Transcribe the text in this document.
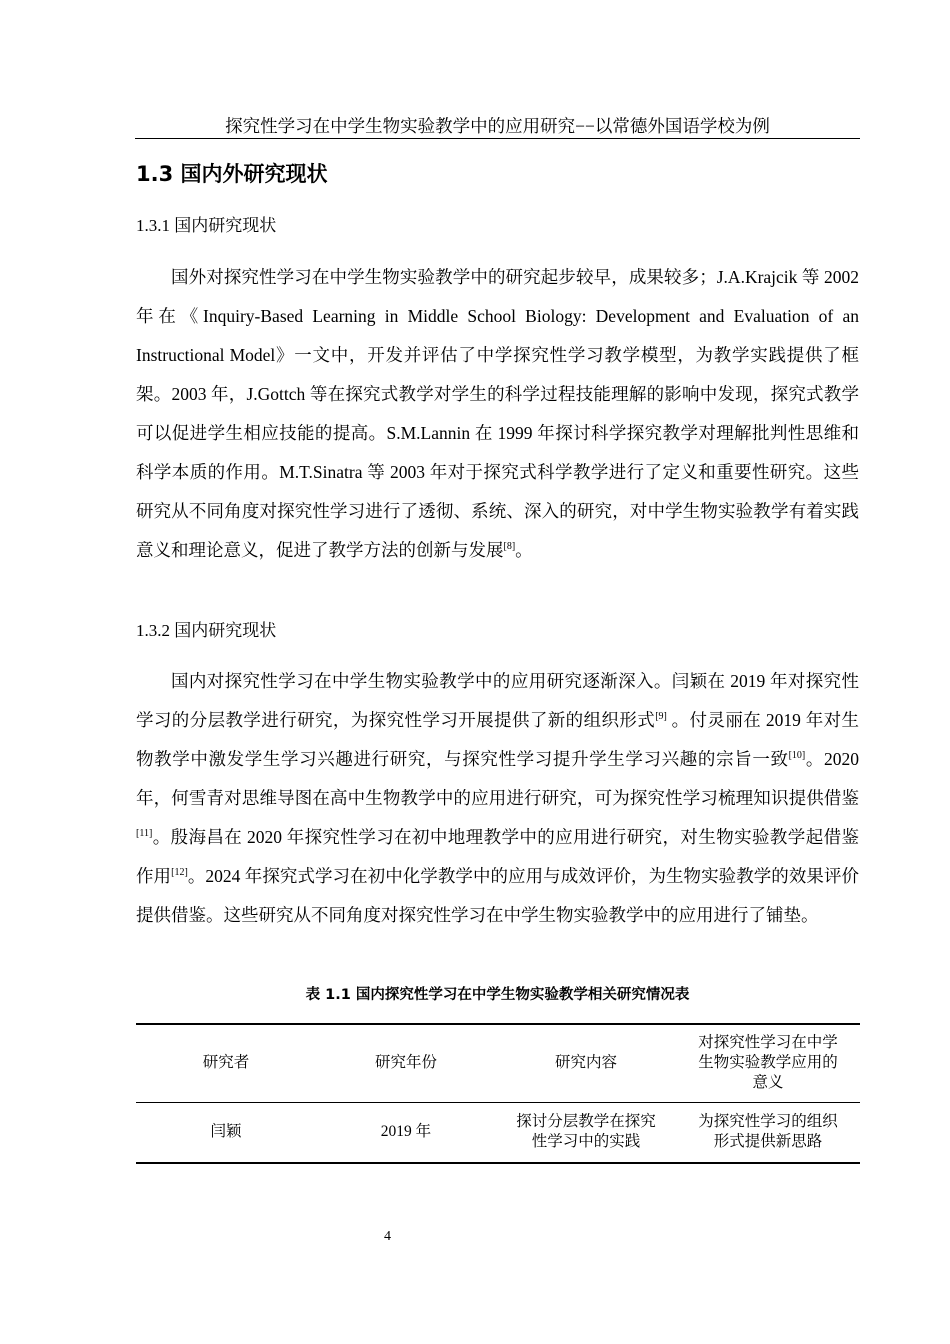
探究性学习在中学生物实验教学中的应用研究−−以常德外国语学校为例
1.3 国内外研究现状
1.3.1 国内研究现状

国外对探究性学习在中学生物实验教学中的研究起步较早，成果较多；J.A.Krajcik 等 2002 年在《Inquiry-Based Learning in Middle School Biology: Development and Evaluation of an Instructional Model》一文中，开发并评估了中学探究性学习教学模型，为教学实践提供了框架。2003 年，J.Gottch 等在探究式教学对学生的科学过程技能理解的影响中发现，探究式教学可以促进学生相应技能的提高。S.M.Lannin 在 1999 年探讨科学探究教学对理解批判性思维和科学本质的作用。M.T.Sinatra 等 2003 年对于探究式科学教学进行了定义和重要性研究。这些研究从不同角度对探究性学习进行了透彻、系统、深入的研究，对中学生物实验教学有着实践意义和理论意义，促进了教学方法的创新与发展[8]。

1.3.2 国内研究现状

国内对探究性学习在中学生物实验教学中的应用研究逐渐深入。闫颖在 2019 年对探究性学习的分层教学进行研究，为探究性学习开展提供了新的组织形式[9] 。付灵丽在 2019 年对生物教学中激发学生学习兴趣进行研究，与探究性学习提升学生学习兴趣的宗旨一致[10]。2020 年，何雪青对思维导图在高中生物教学中的应用进行研究，可为探究性学习梳理知识提供借鉴[11]。殷海昌在 2020 年探究性学习在初中地理教学中的应用进行研究，对生物实验教学起借鉴作用[12]。2024 年探究式学习在初中化学教学中的应用与成效评价，为生物实验教学的效果评价提供借鉴。这些研究从不同角度对探究性学习在中学生物实验教学中的应用进行了铺垫。

表 1.1 国内探究性学习在中学生物实验教学相关研究情况表
研究者	研究年份	研究内容	对探究性学习在中学生物实验教学应用的意义
闫颖	2019 年	探讨分层教学在探究性学习中的实践	为探究性学习的组织形式提供新思路
4
